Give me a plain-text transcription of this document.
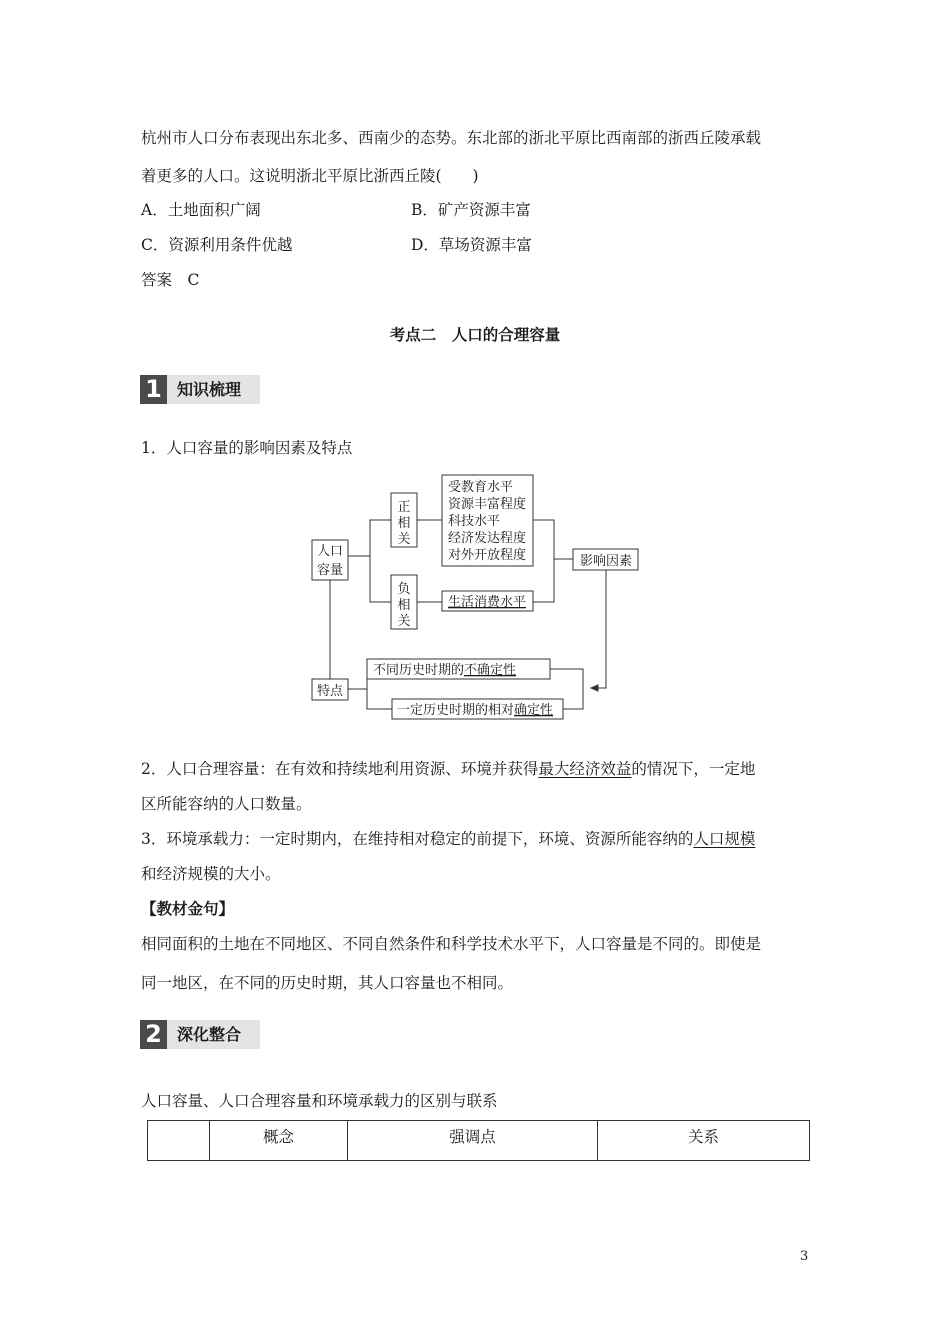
杭州市人口分布表现出东北多、西南少的态势。东北部的浙北平原比西南部的浙西丘陵承载
着更多的人口。这说明浙北平原比浙西丘陵(　　)
A．土地面积广阔	B．矿产资源丰富
C．资源利用条件优越	D．草场资源丰富
答案　C
考点二　人口的合理容量
1 知识梳理
1．人口容量的影响因素及特点
人口
容量
正
相
关
负
相
关
受教育水平
资源丰富程度
科技水平
经济发达程度
对外开放程度
生活消费水平
影响因素
特点
不同历史时期的不确定性
一定历史时期的相对确定性
2．人口合理容量：在有效和持续地利用资源、环境并获得最大经济效益的情况下，一定地
区所能容纳的人口数量。
3．环境承载力：一定时期内，在维持相对稳定的前提下，环境、资源所能容纳的人口规模
和经济规模的大小。
【教材金句】
相同面积的土地在不同地区、不同自然条件和科学技术水平下，人口容量是不同的。即使是
同一地区，在不同的历史时期，其人口容量也不相同。
2 深化整合
人口容量、人口合理容量和环境承载力的区别与联系
	概念	强调点	关系
3
